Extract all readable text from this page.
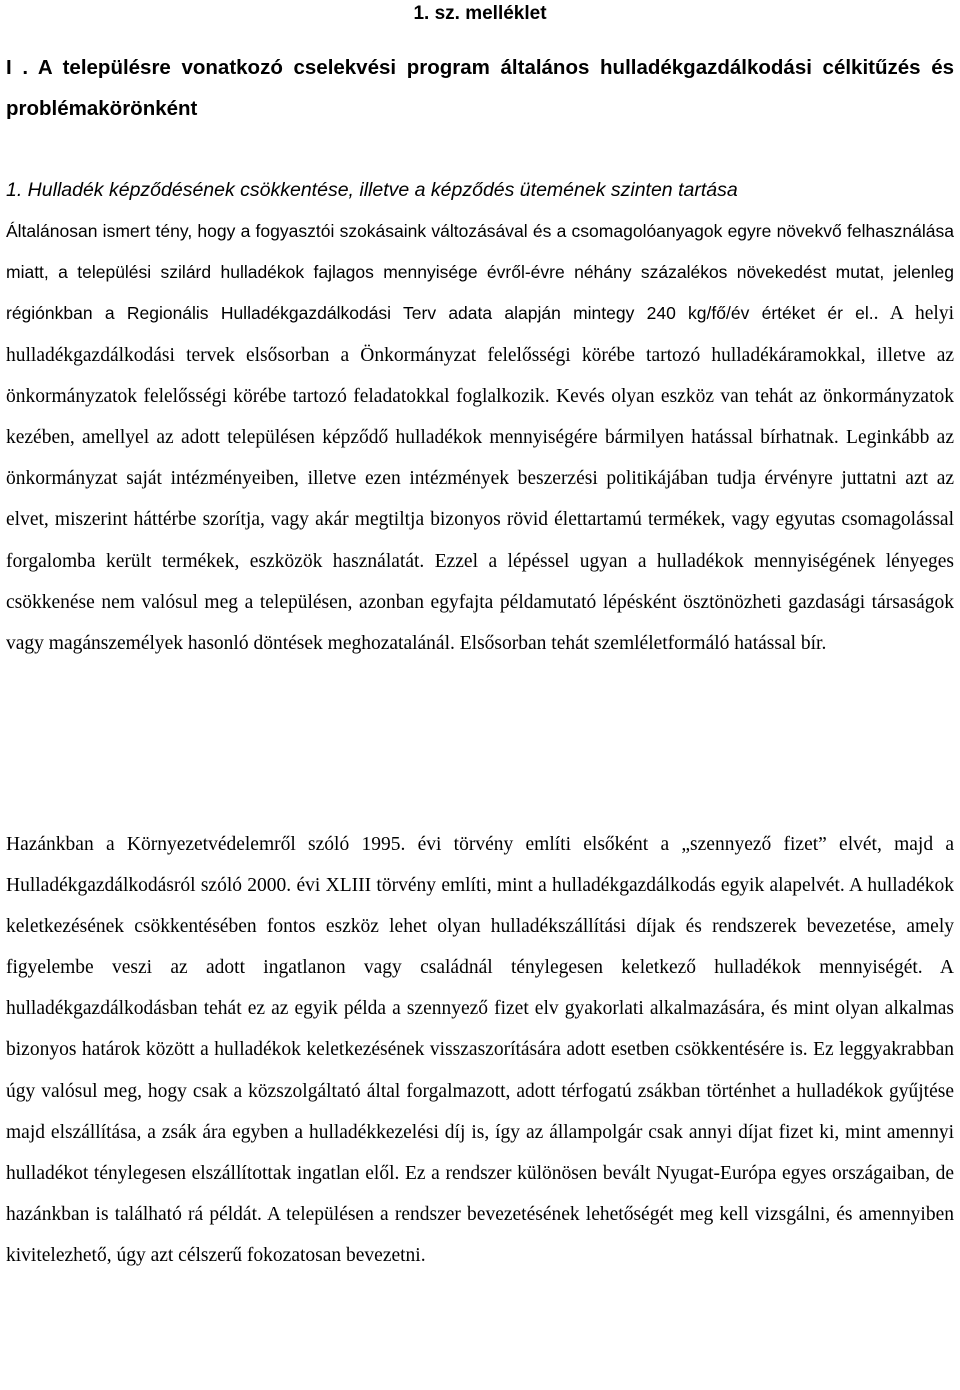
1. sz. melléklet
I . A településre vonatkozó cselekvési program általános hulladékgazdálkodási célkitűzés és problémakörönként
1. Hulladék képződésének csökkentése, illetve a képződés ütemének szinten tartása

Általánosan ismert tény, hogy a fogyasztói szokásaink változásával és a csomagolóanyagok egyre növekvő felhasználása miatt, a települési szilárd hulladékok fajlagos mennyisége évről-évre néhány százalékos növekedést mutat, jelenleg régiónkban a Regionális Hulladékgazdálkodási Terv adata alapján mintegy 240 kg/fő/év értéket ér el.. A helyi hulladékgazdálkodási tervek elsősorban a Önkormányzat felelősségi körébe tartozó hulladékáramokkal, illetve az önkormányzatok felelősségi körébe tartozó feladatokkal foglalkozik. Kevés olyan eszköz van tehát az önkormányzatok kezében, amellyel az adott településen képződő hulladékok mennyiségére bármilyen hatással bírhatnak. Leginkább az önkormányzat saját intézményeiben, illetve ezen intézmények beszerzési politikájában tudja érvényre juttatni azt az elvet, miszerint háttérbe szorítja, vagy akár megtiltja bizonyos rövid élettartamú termékek, vagy egyutas csomagolással forgalomba került termékek, eszközök használatát. Ezzel a lépéssel ugyan a hulladékok mennyiségének lényeges csökkenése nem valósul meg a településen, azonban egyfajta példamutató lépésként ösztönözheti gazdasági társaságok vagy magánszemélyek hasonló döntések meghozatalánál. Elsősorban tehát szemléletformáló hatással bír.

Hazánkban a Környezetvédelemről szóló 1995. évi törvény említi elsőként a „szennyező fizet” elvét, majd a Hulladékgazdálkodásról szóló 2000. évi XLIII törvény említi, mint a hulladékgazdálkodás egyik alapelvét. A hulladékok keletkezésének csökkentésében fontos eszköz lehet olyan hulladékszállítási díjak és rendszerek bevezetése, amely figyelembe veszi az adott ingatlanon vagy családnál ténylegesen keletkező hulladékok mennyiségét. A hulladékgazdálkodásban tehát ez az egyik példa a szennyező fizet elv gyakorlati alkalmazására, és mint olyan alkalmas bizonyos határok között a hulladékok keletkezésének visszaszorítására adott esetben csökkentésére is. Ez leggyakrabban úgy valósul meg, hogy csak a közszolgáltató által forgalmazott, adott térfogatú zsákban történhet a hulladékok gyűjtése majd elszállítása, a zsák ára egyben a hulladékkezelési díj is, így az állampolgár csak annyi díjat fizet ki, mint amennyi hulladékot ténylegesen elszállítottak ingatlan elől. Ez a rendszer különösen bevált Nyugat-Európa egyes országaiban, de hazánkban is található rá példát. A településen a rendszer bevezetésének lehetőségét meg kell vizsgálni, és amennyiben kivitelezhető, úgy azt célszerű fokozatosan bevezetni.
